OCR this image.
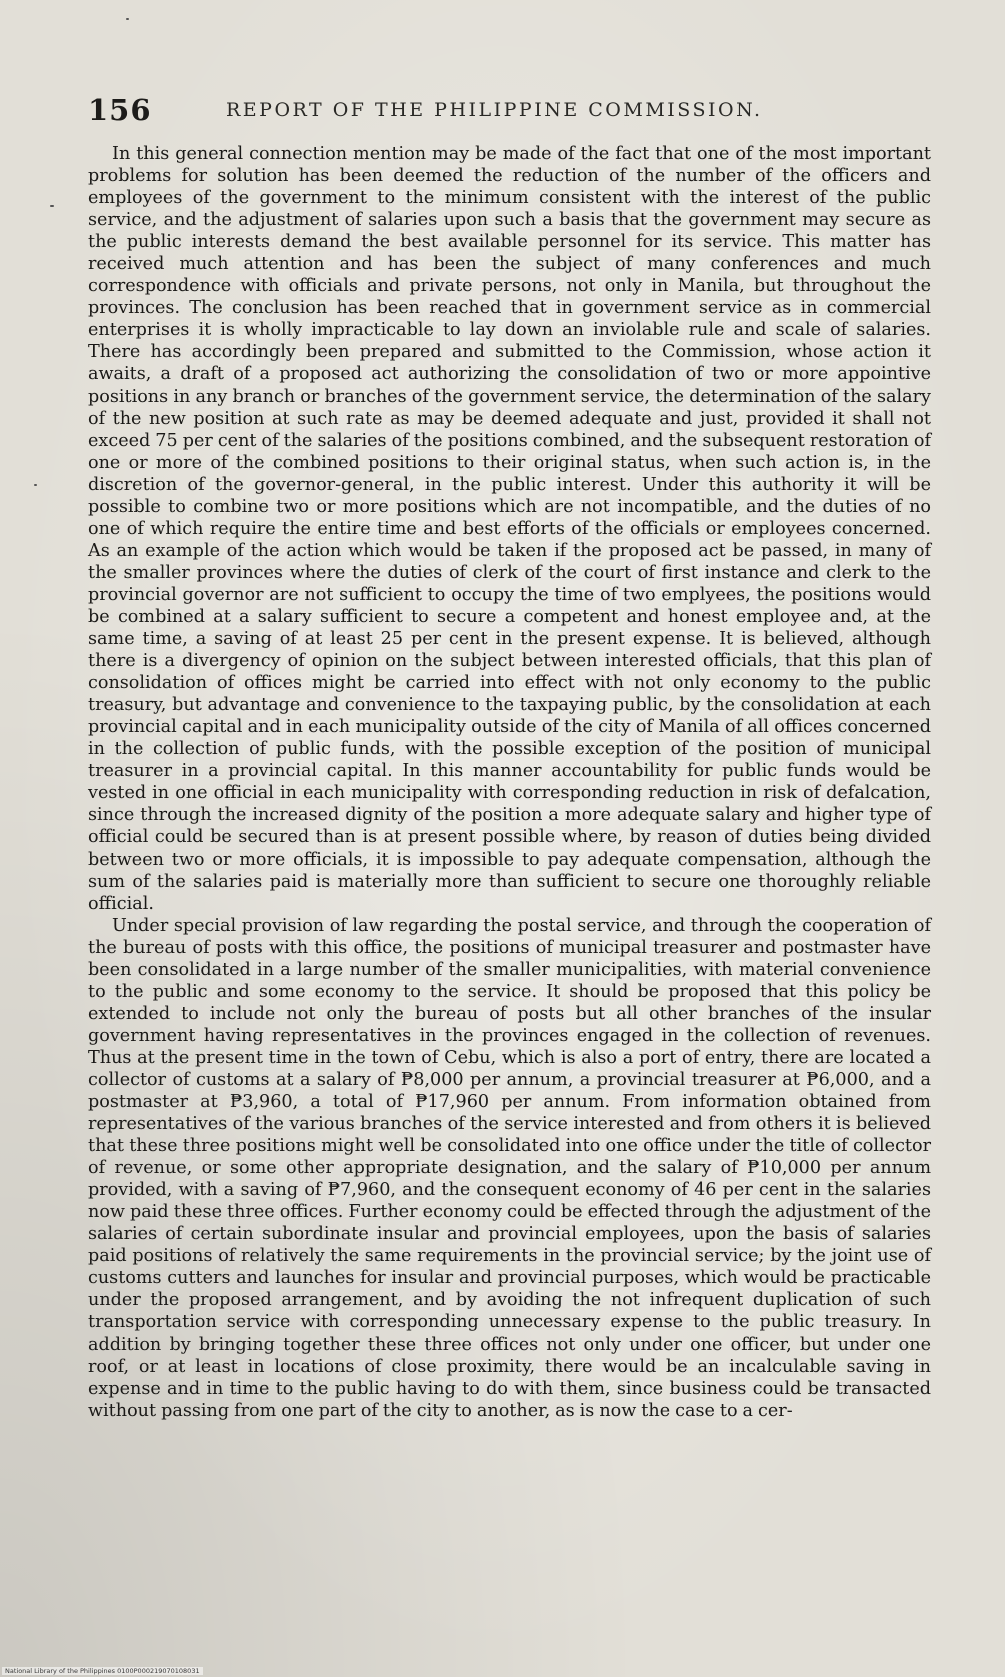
156	REPORT OF THE PHILIPPINE COMMISSION.

In this general connection mention may be made of the fact that one of the most important problems for solution has been deemed the reduction of the number of the officers and employees of the government to the minimum consistent with the interest of the public service, and the adjustment of salaries upon such a basis that the government may secure as the public interests demand the best available personnel for its service. This matter has received much attention and has been the subject of many conferences and much correspondence with officials and private persons, not only in Manila, but throughout the provinces. The conclusion has been reached that in government service as in commercial enterprises it is wholly impracticable to lay down an inviolable rule and scale of salaries. There has accordingly been prepared and submitted to the Commission, whose action it awaits, a draft of a proposed act authorizing the consolidation of two or more appointive positions in any branch or branches of the government service, the determination of the salary of the new position at such rate as may be deemed adequate and just, provided it shall not exceed 75 per cent of the salaries of the positions combined, and the subsequent restoration of one or more of the combined positions to their original status, when such action is, in the discretion of the governor-general, in the public interest. Under this authority it will be possible to combine two or more positions which are not incompatible, and the duties of no one of which require the entire time and best efforts of the officials or employees concerned. As an example of the action which would be taken if the proposed act be passed, in many of the smaller provinces where the duties of clerk of the court of first instance and clerk to the provincial governor are not sufficient to occupy the time of two emplyees, the positions would be combined at a salary sufficient to secure a competent and honest employee and, at the same time, a saving of at least 25 per cent in the present expense. It is believed, although there is a divergency of opinion on the subject between interested officials, that this plan of consolidation of offices might be carried into effect with not only economy to the public treasury, but advantage and convenience to the taxpaying public, by the consolidation at each provincial capital and in each municipality outside of the city of Manila of all offices concerned in the collection of public funds, with the possible exception of the position of municipal treasurer in a provincial capital. In this manner accountability for public funds would be vested in one official in each municipality with corresponding reduction in risk of defalcation, since through the increased dignity of the position a more adequate salary and higher type of official could be secured than is at present possible where, by reason of duties being divided between two or more officials, it is impossible to pay adequate compensation, although the sum of the salaries paid is materially more than sufficient to secure one thoroughly reliable official.

Under special provision of law regarding the postal service, and through the cooperation of the bureau of posts with this office, the positions of municipal treasurer and postmaster have been consolidated in a large number of the smaller municipalities, with material convenience to the public and some economy to the service. It should be proposed that this policy be extended to include not only the bureau of posts but all other branches of the insular government having representatives in the provinces engaged in the collection of revenues. Thus at the present time in the town of Cebu, which is also a port of entry, there are located a collector of customs at a salary of ₱8,000 per annum, a provincial treasurer at ₱6,000, and a postmaster at ₱3,960, a total of ₱17,960 per annum. From information obtained from representatives of the various branches of the service interested and from others it is believed that these three positions might well be consolidated into one office under the title of collector of revenue, or some other appropriate designation, and the salary of ₱10,000 per annum provided, with a saving of ₱7,960, and the consequent economy of 46 per cent in the salaries now paid these three offices. Further economy could be effected through the adjustment of the salaries of certain subordinate insular and provincial employees, upon the basis of salaries paid positions of relatively the same requirements in the provincial service; by the joint use of customs cutters and launches for insular and provincial purposes, which would be practicable under the proposed arrangement, and by avoiding the not infrequent duplication of such transportation service with corresponding unnecessary expense to the public treasury. In addition by bringing together these three offices not only under one officer, but under one roof, or at least in locations of close proximity, there would be an incalculable saving in expense and in time to the public having to do with them, since business could be transacted without passing from one part of the city to another, as is now the case to a cer-

National Library of the Philippines 0100P000219070108031
